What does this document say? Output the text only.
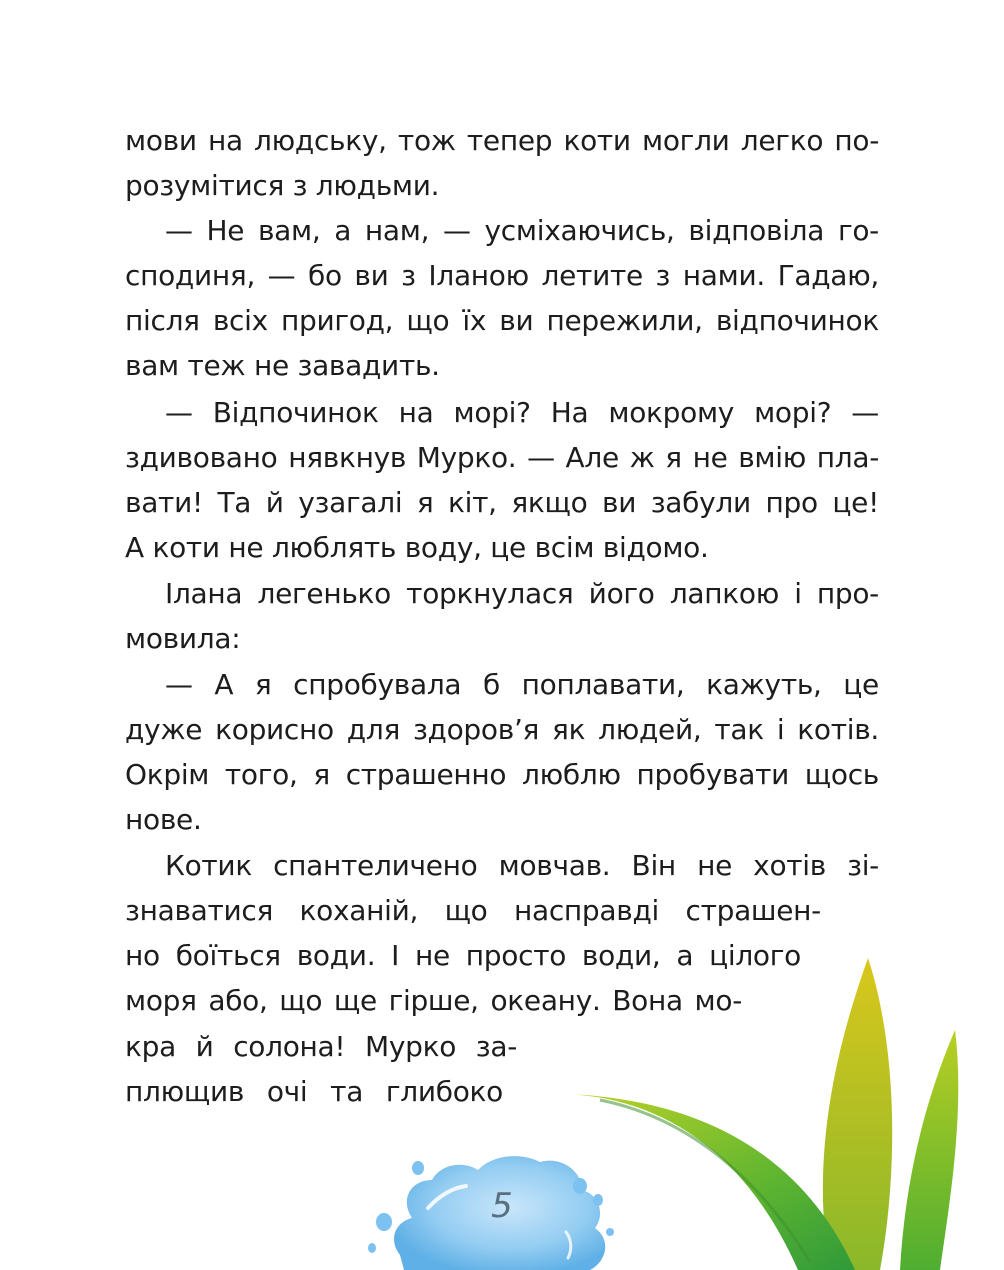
мови на людську, тож тепер коти могли легко по-
розумітися з людьми.
— Не вам, а нам, — усміхаючись, відповіла го-
сподиня, — бо ви з Іланою летите з нами. Гадаю,
після всіх пригод, що їх ви пережили, відпочинок
вам теж не завадить.
— Відпочинок на морі? На мокрому морі? —
здивовано нявкнув Мурко. — Але ж я не вмію пла-
вати! Та й узагалі я кіт, якщо ви забули про це!
А коти не люблять воду, це всім відомо.
Ілана легенько торкнулася його лапкою і про-
мовила:
— А я спробувала б поплавати, кажуть, це
дуже корисно для здоров’я як людей, так і котів.
Окрім того, я страшенно люблю пробувати щось
нове.
Котик спантеличено мовчав. Він не хотів зі-
знаватися коханій, що насправді страшен-
но боїться води. І не просто води, а цілого
моря або, що ще гірше, океану. Вона мо-
кра й солона! Мурко за-
плющив очі та глибоко
5
